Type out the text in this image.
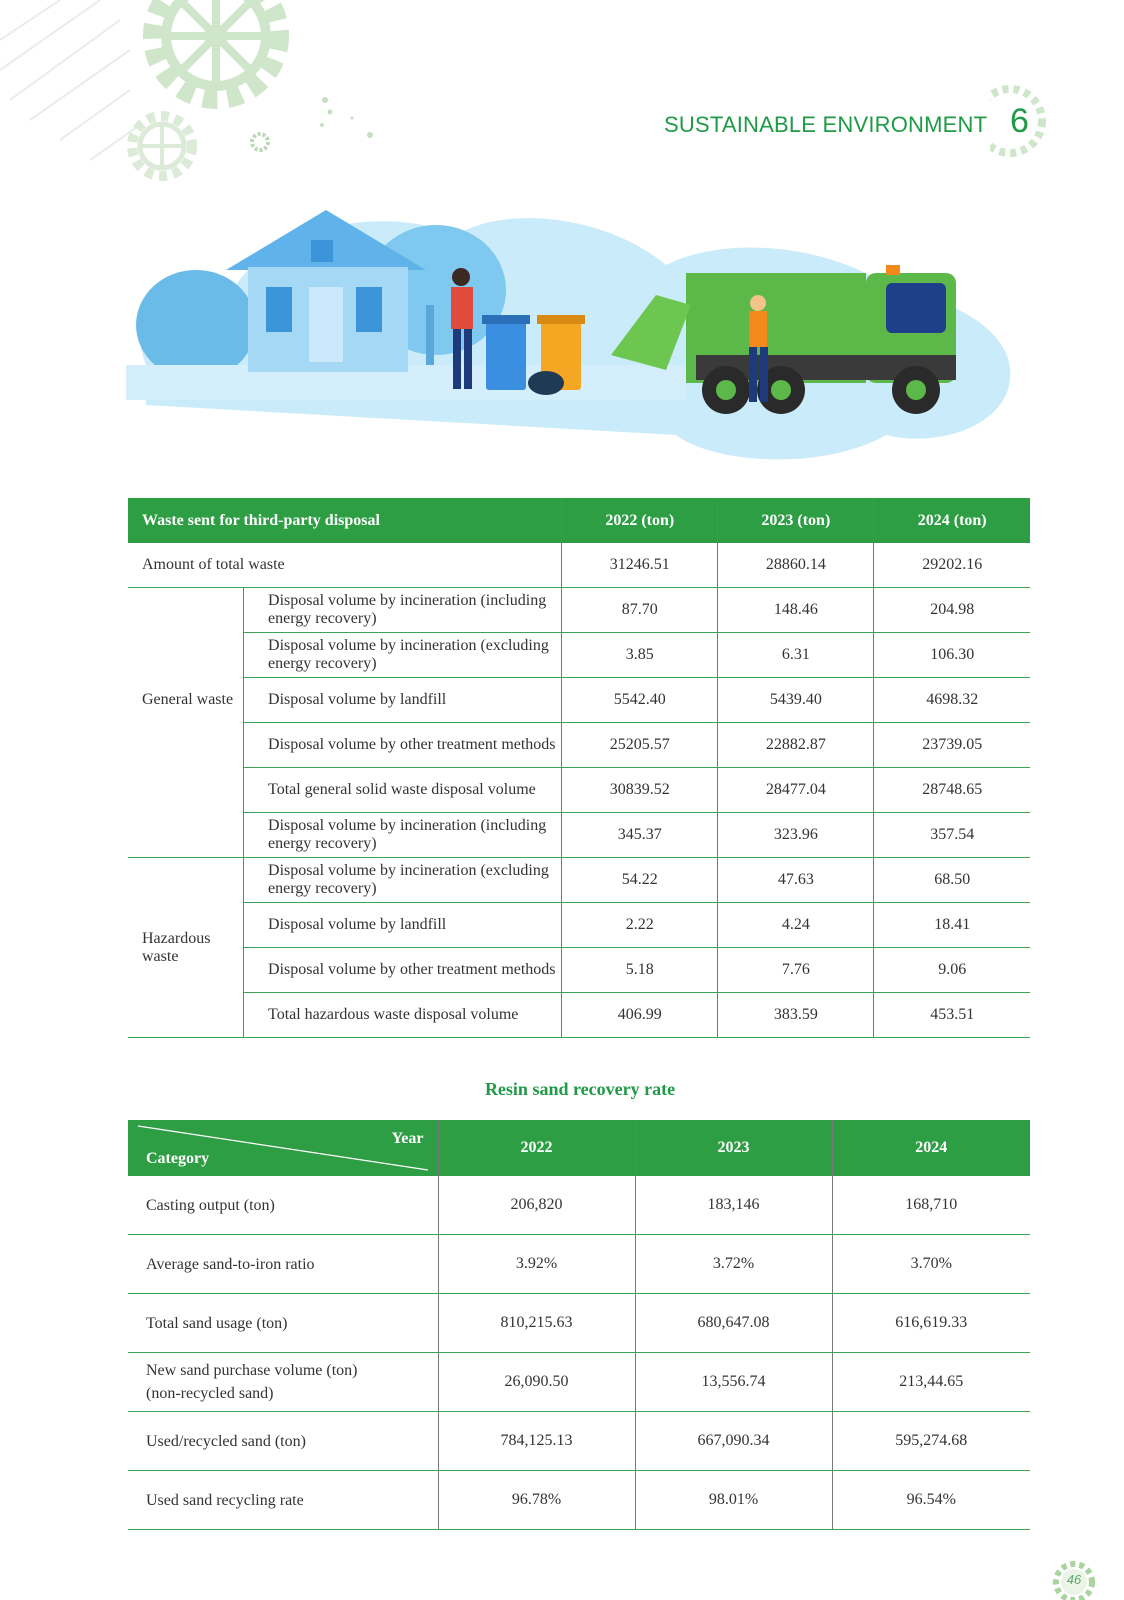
SUSTAINABLE ENVIRONMENT 6
Waste sent for third-party disposal		2022 (ton)	2023 (ton)	2024 (ton)
Amount of total waste		31246.51	28860.14	29202.16
General waste	Disposal volume by incineration (including energy recovery)	87.70	148.46	204.98
	Disposal volume by incineration (excluding energy recovery)	3.85	6.31	106.30
	Disposal volume by landfill	5542.40	5439.40	4698.32
	Disposal volume by other treatment methods	25205.57	22882.87	23739.05
	Total general solid waste disposal volume	30839.52	28477.04	28748.65
	Disposal volume by incineration (including energy recovery)	345.37	323.96	357.54
Hazardous waste	Disposal volume by incineration (excluding energy recovery)	54.22	47.63	68.50
	Disposal volume by landfill	2.22	4.24	18.41
	Disposal volume by other treatment methods	5.18	7.76	9.06
	Total hazardous waste disposal volume	406.99	383.59	453.51
Resin sand recovery rate
Year
Category	2022	2023	2024
Casting output (ton)	206,820	183,146	168,710
Average sand-to-iron ratio	3.92%	3.72%	3.70%
Total sand usage (ton)	810,215.63	680,647.08	616,619.33
New sand purchase volume (ton) (non-recycled sand)	26,090.50	13,556.74	213,44.65
Used/recycled sand (ton)	784,125.13	667,090.34	595,274.68
Used sand recycling rate	96.78%	98.01%	96.54%
46
